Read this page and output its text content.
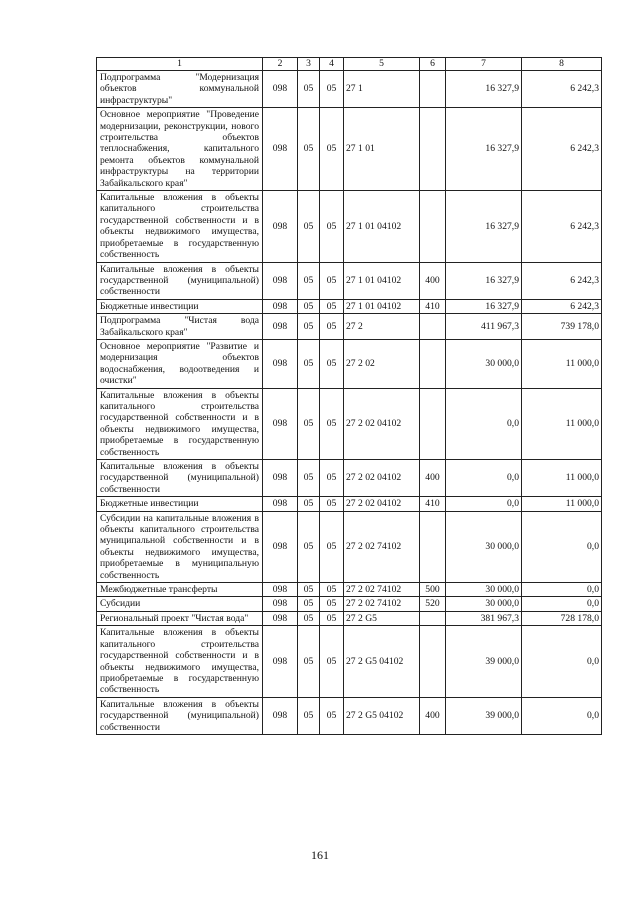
1	2	3	4	5	6	7	8
Подпрограмма "Модернизация объектов коммунальной инфраструктуры"	098	05	05	27 1		16 327,9	6 242,3
Основное мероприятие "Проведение модернизации, реконструкции, нового строительства объектов теплоснабжения, капитального ремонта объектов коммунальной инфраструктуры на территории Забайкальского края"	098	05	05	27 1 01		16 327,9	6 242,3
Капитальные вложения в объекты капитального строительства государственной собственности и в объекты недвижимого имущества, приобретаемые в государственную собственность	098	05	05	27 1 01 04102		16 327,9	6 242,3
Капитальные вложения в объекты государственной (муниципальной) собственности	098	05	05	27 1 01 04102	400	16 327,9	6 242,3
Бюджетные инвестиции	098	05	05	27 1 01 04102	410	16 327,9	6 242,3
Подпрограмма "Чистая вода Забайкальского края"	098	05	05	27 2		411 967,3	739 178,0
Основное мероприятие "Развитие и модернизация объектов водоснабжения, водоотведения и очистки"	098	05	05	27 2 02		30 000,0	11 000,0
Капитальные вложения в объекты капитального строительства государственной собственности и в объекты недвижимого имущества, приобретаемые в государственную собственность	098	05	05	27 2 02 04102		0,0	11 000,0
Капитальные вложения в объекты государственной (муниципальной) собственности	098	05	05	27 2 02 04102	400	0,0	11 000,0
Бюджетные инвестиции	098	05	05	27 2 02 04102	410	0,0	11 000,0
Субсидии на капитальные вложения в объекты капитального строительства муниципальной собственности и в объекты недвижимого имущества, приобретаемые в муниципальную собственность	098	05	05	27 2 02 74102		30 000,0	0,0
Межбюджетные трансферты	098	05	05	27 2 02 74102	500	30 000,0	0,0
Субсидии	098	05	05	27 2 02 74102	520	30 000,0	0,0
Региональный проект "Чистая вода"	098	05	05	27 2 G5		381 967,3	728 178,0
Капитальные вложения в объекты капитального строительства государственной собственности и в объекты недвижимого имущества, приобретаемые в государственную собственность	098	05	05	27 2 G5 04102		39 000,0	0,0
Капитальные вложения в объекты государственной (муниципальной) собственности	098	05	05	27 2 G5 04102	400	39 000,0	0,0
161
